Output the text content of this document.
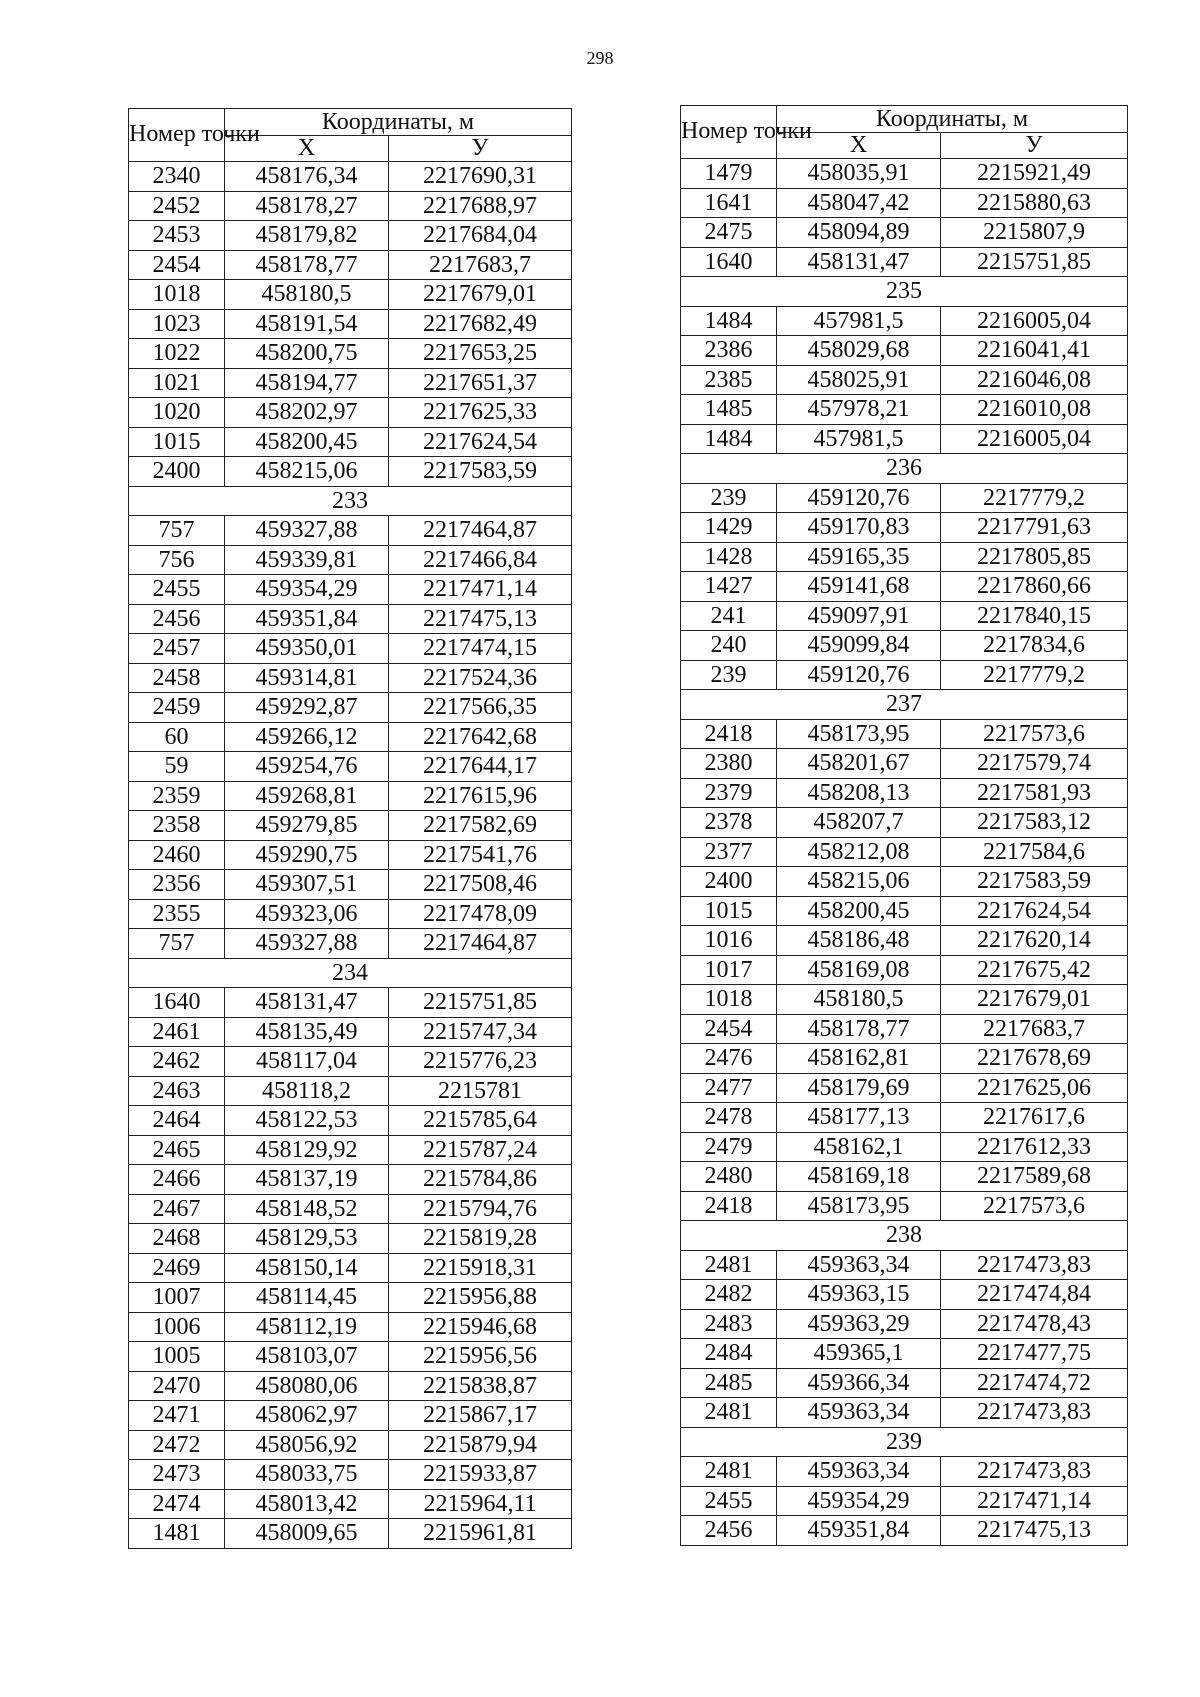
298
Номер точки	Координаты, м	
	Х	У
2340	458176,34	2217690,31
2452	458178,27	2217688,97
2453	458179,82	2217684,04
2454	458178,77	2217683,7
1018	458180,5	2217679,01
1023	458191,54	2217682,49
1022	458200,75	2217653,25
1021	458194,77	2217651,37
1020	458202,97	2217625,33
1015	458200,45	2217624,54
2400	458215,06	2217583,59
233		
757	459327,88	2217464,87
756	459339,81	2217466,84
2455	459354,29	2217471,14
2456	459351,84	2217475,13
2457	459350,01	2217474,15
2458	459314,81	2217524,36
2459	459292,87	2217566,35
60	459266,12	2217642,68
59	459254,76	2217644,17
2359	459268,81	2217615,96
2358	459279,85	2217582,69
2460	459290,75	2217541,76
2356	459307,51	2217508,46
2355	459323,06	2217478,09
757	459327,88	2217464,87
234		
1640	458131,47	2215751,85
2461	458135,49	2215747,34
2462	458117,04	2215776,23
2463	458118,2	2215781
2464	458122,53	2215785,64
2465	458129,92	2215787,24
2466	458137,19	2215784,86
2467	458148,52	2215794,76
2468	458129,53	2215819,28
2469	458150,14	2215918,31
1007	458114,45	2215956,88
1006	458112,19	2215946,68
1005	458103,07	2215956,56
2470	458080,06	2215838,87
2471	458062,97	2215867,17
2472	458056,92	2215879,94
2473	458033,75	2215933,87
2474	458013,42	2215964,11
1481	458009,65	2215961,81
Номер точки	Координаты, м	
	Х	У
1479	458035,91	2215921,49
1641	458047,42	2215880,63
2475	458094,89	2215807,9
1640	458131,47	2215751,85
235		
1484	457981,5	2216005,04
2386	458029,68	2216041,41
2385	458025,91	2216046,08
1485	457978,21	2216010,08
1484	457981,5	2216005,04
236		
239	459120,76	2217779,2
1429	459170,83	2217791,63
1428	459165,35	2217805,85
1427	459141,68	2217860,66
241	459097,91	2217840,15
240	459099,84	2217834,6
239	459120,76	2217779,2
237		
2418	458173,95	2217573,6
2380	458201,67	2217579,74
2379	458208,13	2217581,93
2378	458207,7	2217583,12
2377	458212,08	2217584,6
2400	458215,06	2217583,59
1015	458200,45	2217624,54
1016	458186,48	2217620,14
1017	458169,08	2217675,42
1018	458180,5	2217679,01
2454	458178,77	2217683,7
2476	458162,81	2217678,69
2477	458179,69	2217625,06
2478	458177,13	2217617,6
2479	458162,1	2217612,33
2480	458169,18	2217589,68
2418	458173,95	2217573,6
238		
2481	459363,34	2217473,83
2482	459363,15	2217474,84
2483	459363,29	2217478,43
2484	459365,1	2217477,75
2485	459366,34	2217474,72
2481	459363,34	2217473,83
239		
2481	459363,34	2217473,83
2455	459354,29	2217471,14
2456	459351,84	2217475,13
